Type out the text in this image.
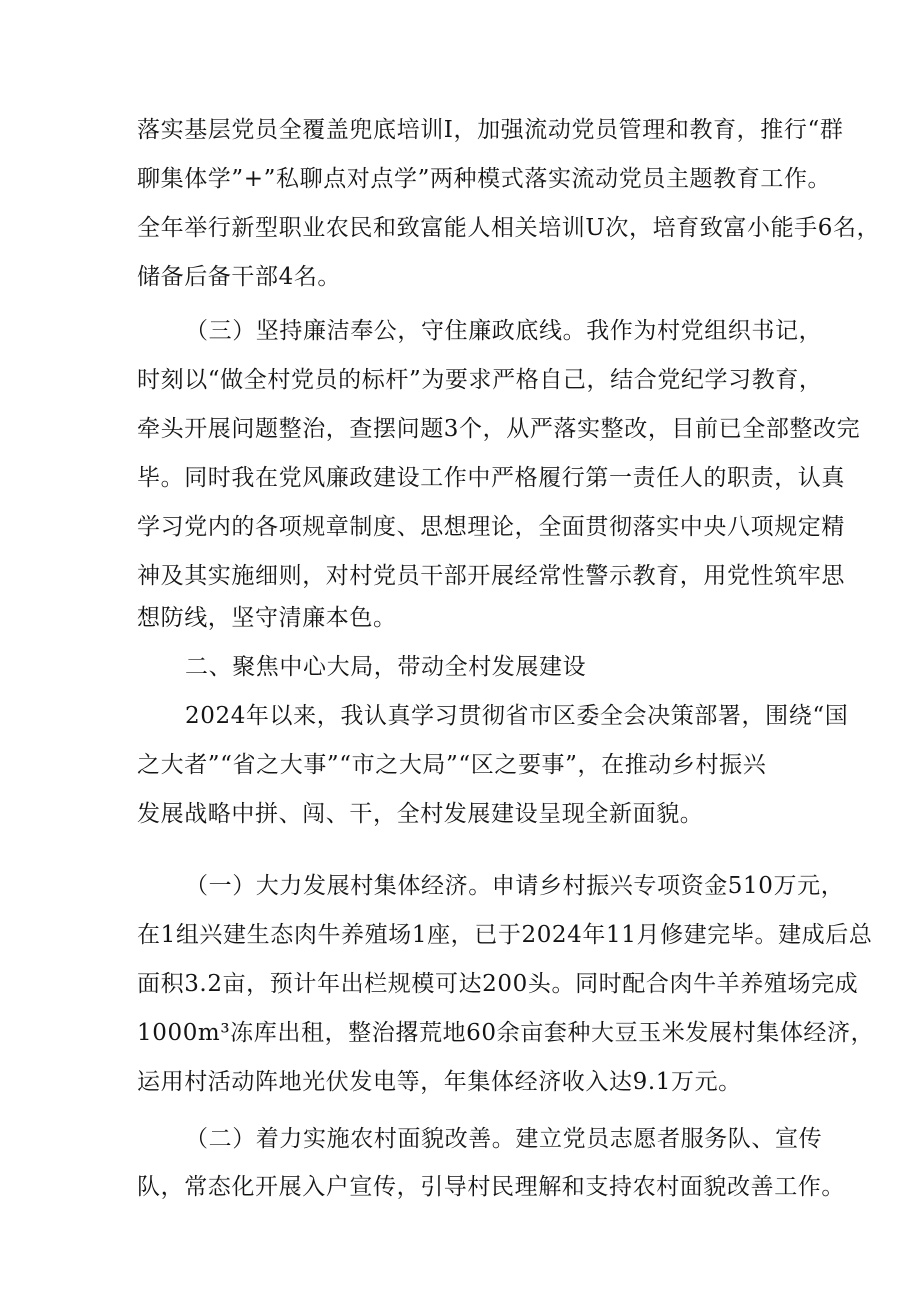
落实基层党员全覆盖兜底培训I，加强流动党员管理和教育，推行“群
聊集体学”+”私聊点对点学”两种模式落实流动党员主题教育工作。
全年举行新型职业农民和致富能人相关培训U次，培育致富小能手6名，
储备后备干部4名。
（三）坚持廉洁奉公，守住廉政底线。我作为村党组织书记，
时刻以“做全村党员的标杆”为要求严格自己，结合党纪学习教育，
牵头开展问题整治，查摆问题3个，从严落实整改，目前已全部整改完
毕。同时我在党风廉政建设工作中严格履行第一责任人的职责，认真
学习党内的各项规章制度、思想理论，全面贯彻落实中央八项规定精
神及其实施细则，对村党员干部开展经常性警示教育，用党性筑牢思
想防线，坚守清廉本色。
二、聚焦中心大局，带动全村发展建设
2024年以来，我认真学习贯彻省市区委全会决策部署，围绕“国
之大者”“省之大事”“市之大局”“区之要事”，在推动乡村振兴
发展战略中拼、闯、干，全村发展建设呈现全新面貌。
（一）大力发展村集体经济。申请乡村振兴专项资金510万元，
在1组兴建生态肉牛养殖场1座，已于2024年11月修建完毕。建成后总
面积3.2亩，预计年出栏规模可达200头。同时配合肉牛羊养殖场完成
1000m³冻库出租，整治撂荒地60余亩套种大豆玉米发展村集体经济，
运用村活动阵地光伏发电等，年集体经济收入达9.1万元。
（二）着力实施农村面貌改善。建立党员志愿者服务队、宣传
队，常态化开展入户宣传，引导村民理解和支持农村面貌改善工作。
